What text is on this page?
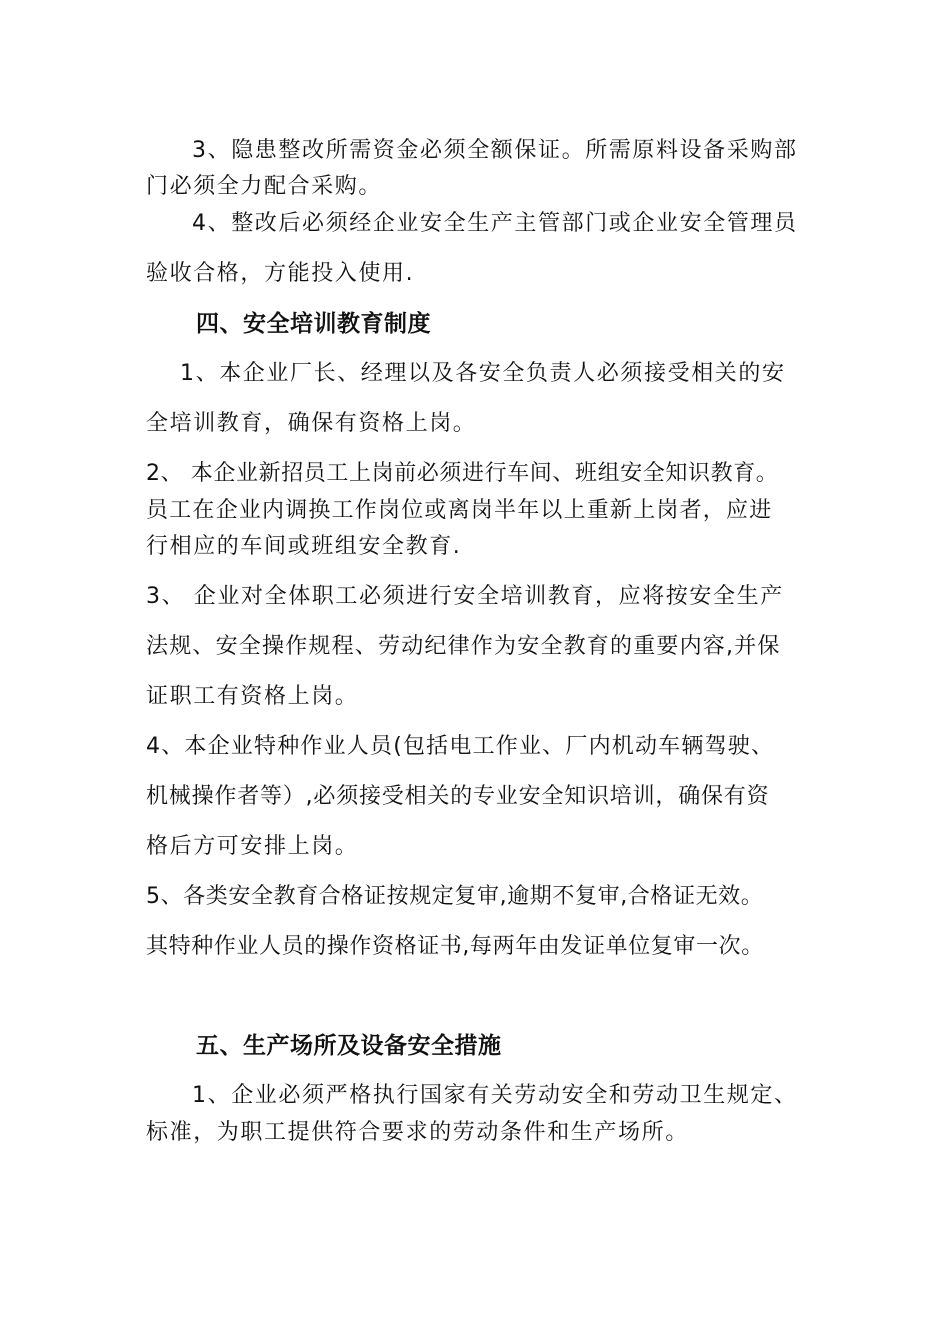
3、隐患整改所需资金必须全额保证。所需原料设备采购部
门必须全力配合采购。
4、整改后必须经企业安全生产主管部门或企业安全管理员
验收合格，方能投入使用.
四、安全培训教育制度
1、本企业厂长、经理以及各安全负责人必须接受相关的安
全培训教育，确保有资格上岗。
2、 本企业新招员工上岗前必须进行车间、班组安全知识教育。
员工在企业内调换工作岗位或离岗半年以上重新上岗者，应进
行相应的车间或班组安全教育.
3、 企业对全体职工必须进行安全培训教育，应将按安全生产
法规、安全操作规程、劳动纪律作为安全教育的重要内容,并保
证职工有资格上岗。
4、本企业特种作业人员(包括电工作业、厂内机动车辆驾驶、
机械操作者等）,必须接受相关的专业安全知识培训，确保有资
格后方可安排上岗。
5、各类安全教育合格证按规定复审,逾期不复审,合格证无效。
其特种作业人员的操作资格证书,每两年由发证单位复审一次。
五、生产场所及设备安全措施
1、企业必须严格执行国家有关劳动安全和劳动卫生规定、
标准，为职工提供符合要求的劳动条件和生产场所。
